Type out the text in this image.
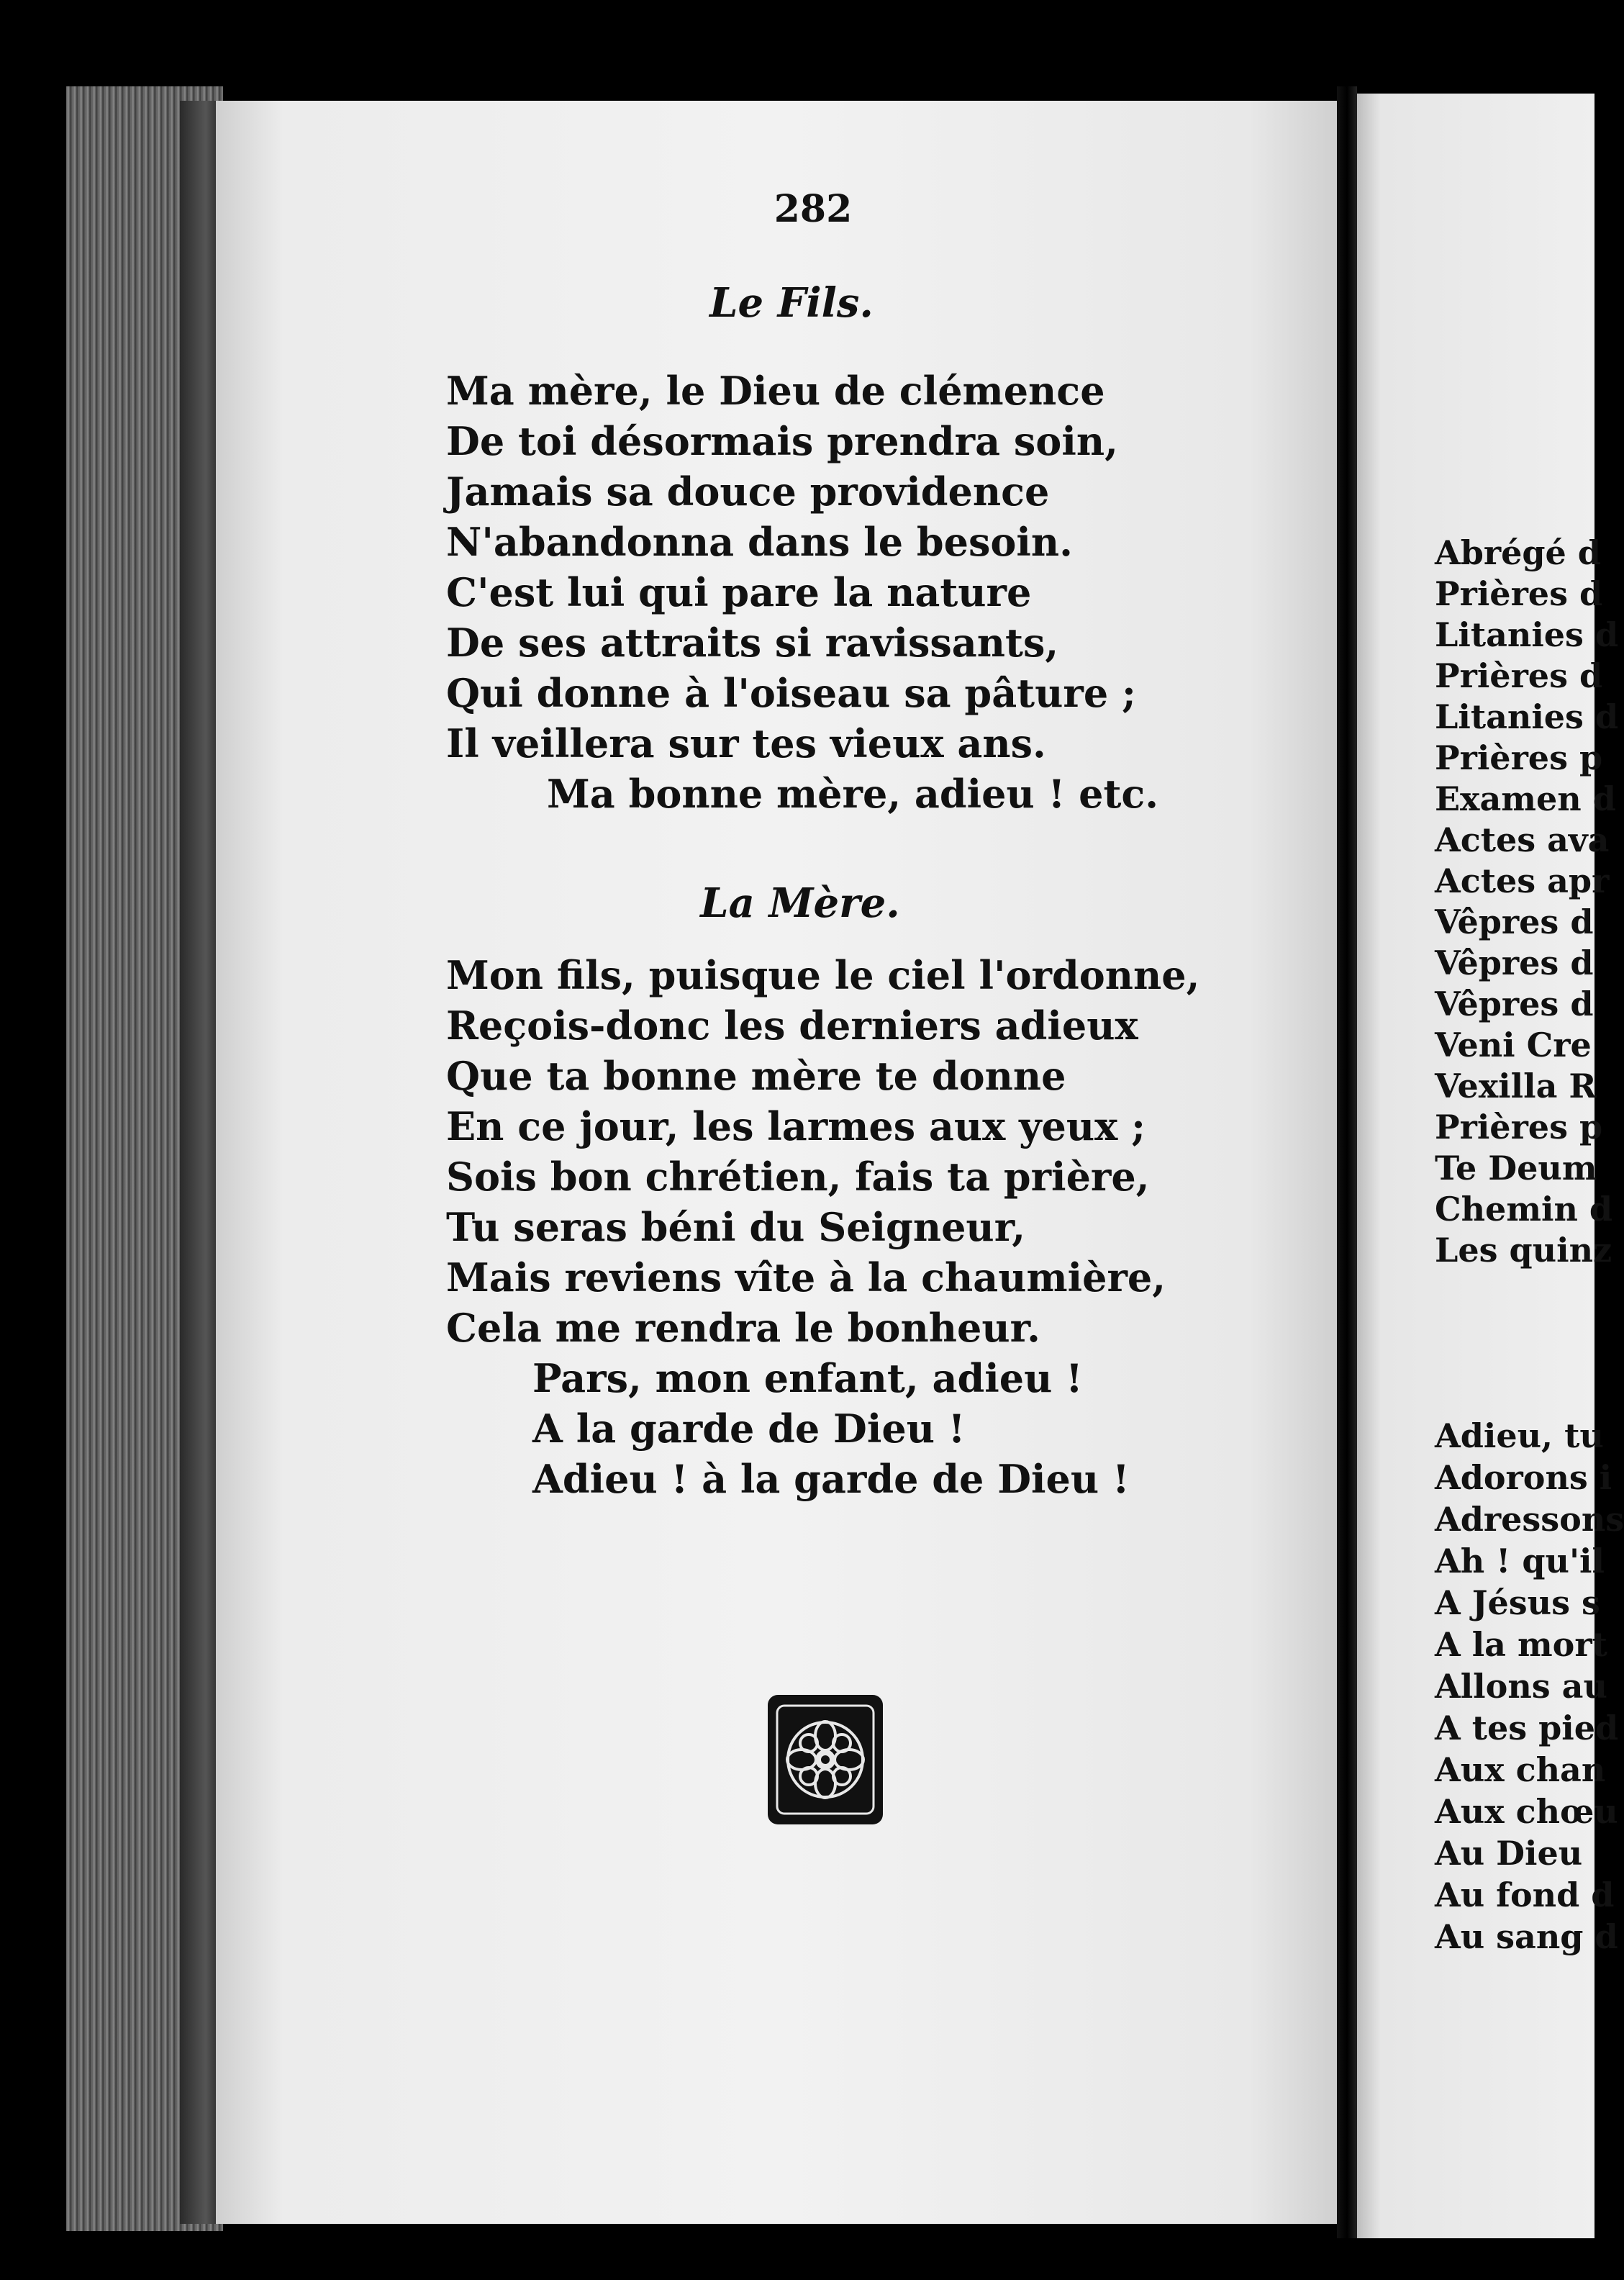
282
Le Fils.
Ma mère, le Dieu de clémence
De toi désormais prendra soin,
Jamais sa douce providence
N'abandonna dans le besoin.
C'est lui qui pare la nature
De ses attraits si ravissants,
Qui donne à l'oiseau sa pâture ;
Il veillera sur tes vieux ans.
Ma bonne mère, adieu ! etc.
La Mère.
Mon fils, puisque le ciel l'ordonne,
Reçois-donc les derniers adieux
Que ta bonne mère te donne
En ce jour, les larmes aux yeux ;
Sois bon chrétien, fais ta prière,
Tu seras béni du Seigneur,
Mais reviens vîte à la chaumière,
Cela me rendra le bonheur.
Pars, mon enfant, adieu !
A la garde de Dieu !
Adieu ! à la garde de Dieu !
Abrégé d
Prières d
Litanies d
Prières d
Litanies d
Prières p
Examen d
Actes ava
Actes apr
Vêpres d
Vêpres d
Vêpres d
Veni Cre
Vexilla R
Prières p
Te Deum
Chemin d
Les quinz
Adieu, tu
Adorons i
Adressons
Ah ! qu'il
A Jésus s
A la mort
Allons au
A tes pied
Aux chan
Aux chœu
Au Dieu
Au fond d
Au sang d
